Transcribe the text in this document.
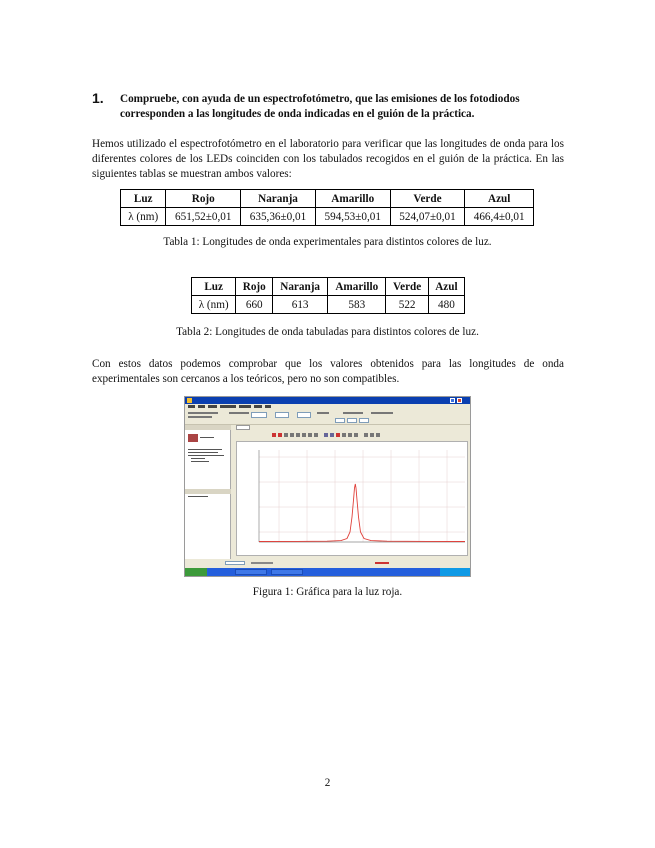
1. Compruebe, con ayuda de un espectrofotómetro, que las emisiones de los fotodiodos corresponden a las longitudes de onda indicadas en el guión de la práctica.
Hemos utilizado el espectrofotómetro en el laboratorio para verificar que las longitudes de onda para los diferentes colores de los LEDs coinciden con los tabulados recogidos en el guión de la práctica. En las siguientes tablas se muestran ambos valores:
Luz	Rojo	Naranja	Amarillo	Verde	Azul
λ (nm)	651,52±0,01	635,36±0,01	594,53±0,01	524,07±0,01	466,4±0,01
Tabla 1: Longitudes de onda experimentales para distintos colores de luz.
Luz	Rojo	Naranja	Amarillo	Verde	Azul
λ (nm)	660	613	583	522	480
Tabla 2: Longitudes de onda tabuladas para distintos colores de luz.
Con estos datos podemos comprobar que los valores obtenidos para las longitudes de onda experimentales son cercanos a los teóricos, pero no son compatibles.
Figura 1: Gráfica para la luz roja.
2
